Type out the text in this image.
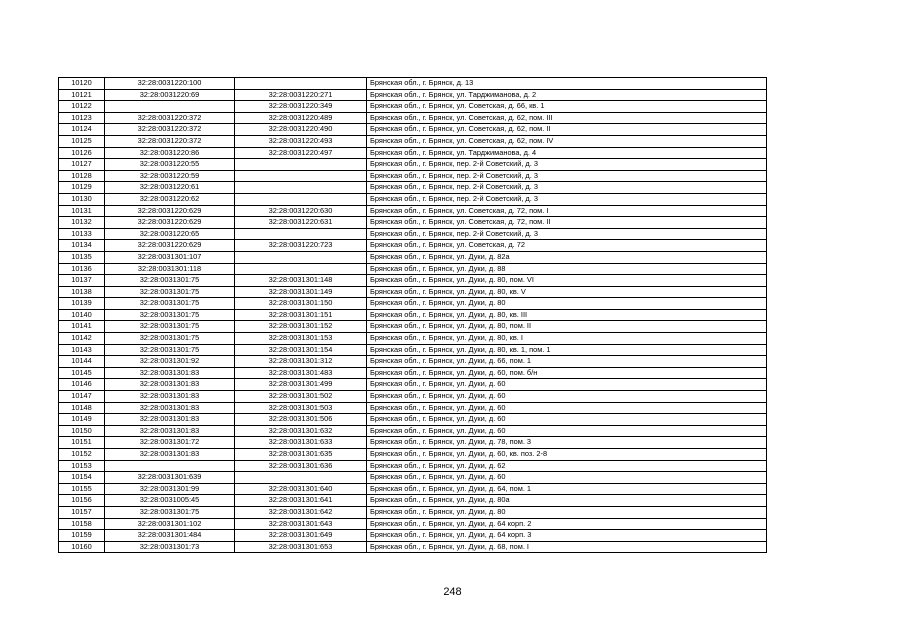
10120	32:28:0031220:100		Брянская обл., г. Брянск, д. 13
10121	32:28:0031220:69	32:28:0031220:271	Брянская обл., г. Брянск, ул. Тарджиманова, д. 2
10122		32:28:0031220:349	Брянская обл., г. Брянск, ул. Советская, д. 66, кв. 1
10123	32:28:0031220:372	32:28:0031220:489	Брянская обл., г. Брянск, ул. Советская, д. 62, пом. III
10124	32:28:0031220:372	32:28:0031220:490	Брянская обл., г. Брянск, ул. Советская, д. 62, пом. II
10125	32:28:0031220:372	32:28:0031220:493	Брянская обл., г. Брянск, ул. Советская, д. 62, пом. IV
10126	32:28:0031220:86	32:28:0031220:497	Брянская обл., г. Брянск, ул. Тарджиманова, д. 4
10127	32:28:0031220:55		Брянская обл., г. Брянск, пер. 2-й Советский, д. 3
10128	32:28:0031220:59		Брянская обл., г. Брянск, пер. 2-й Советский, д. 3
10129	32:28:0031220:61		Брянская обл., г. Брянск, пер. 2-й Советский, д. 3
10130	32:28:0031220:62		Брянская обл., г. Брянск, пер. 2-й Советский, д. 3
10131	32:28:0031220:629	32:28:0031220:630	Брянская обл., г. Брянск, ул. Советская, д. 72, пом. I
10132	32:28:0031220:629	32:28:0031220:631	Брянская обл., г. Брянск, ул. Советская, д. 72, пом. II
10133	32:28:0031220:65		Брянская обл., г. Брянск, пер. 2-й Советский, д. 3
10134	32:28:0031220:629	32:28:0031220:723	Брянская обл., г. Брянск, ул. Советская, д. 72
10135	32:28:0031301:107		Брянская обл., г. Брянск, ул. Дуки, д. 82а
10136	32:28:0031301:118		Брянская обл., г. Брянск, ул. Дуки, д. 88
10137	32:28:0031301:75	32:28:0031301:148	Брянская обл., г. Брянск, ул. Дуки, д. 80, пом. VI
10138	32:28:0031301:75	32:28:0031301:149	Брянская обл., г. Брянск, ул. Дуки, д. 80, кв. V
10139	32:28:0031301:75	32:28:0031301:150	Брянская обл., г. Брянск, ул. Дуки, д. 80
10140	32:28:0031301:75	32:28:0031301:151	Брянская обл., г. Брянск, ул. Дуки, д. 80, кв. III
10141	32:28:0031301:75	32:28:0031301:152	Брянская обл., г. Брянск, ул. Дуки, д. 80, пом. II
10142	32:28:0031301:75	32:28:0031301:153	Брянская обл., г. Брянск, ул. Дуки, д. 80, кв. I
10143	32:28:0031301:75	32:28:0031301:154	Брянская обл., г. Брянск, ул. Дуки, д. 80, кв. 1, пом. 1
10144	32:28:0031301:92	32:28:0031301:312	Брянская обл., г. Брянск, ул. Дуки, д. 66, пом. 1
10145	32:28:0031301:83	32:28:0031301:483	Брянская обл., г. Брянск, ул. Дуки, д. 60, пом. б/н
10146	32:28:0031301:83	32:28:0031301:499	Брянская обл., г. Брянск, ул. Дуки, д. 60
10147	32:28:0031301:83	32:28:0031301:502	Брянская обл., г. Брянск, ул. Дуки, д. 60
10148	32:28:0031301:83	32:28:0031301:503	Брянская обл., г. Брянск, ул. Дуки, д. 60
10149	32:28:0031301:83	32:28:0031301:506	Брянская обл., г. Брянск, ул. Дуки, д. 60
10150	32:28:0031301:83	32:28:0031301:632	Брянская обл., г. Брянск, ул. Дуки, д. 60
10151	32:28:0031301:72	32:28:0031301:633	Брянская обл., г. Брянск, ул. Дуки, д. 78, пом. 3
10152	32:28:0031301:83	32:28:0031301:635	Брянская обл., г. Брянск, ул. Дуки, д. 60, кв. поз. 2-8
10153		32:28:0031301:636	Брянская обл., г. Брянск, ул. Дуки, д. 62
10154	32:28:0031301:639		Брянская обл., г. Брянск, ул. Дуки, д. 60
10155	32:28:0031301:99	32:28:0031301:640	Брянская обл., г. Брянск, ул. Дуки, д. 64, пом. 1
10156	32:28:0031005:45	32:28:0031301:641	Брянская обл., г. Брянск, ул. Дуки, д. 80а
10157	32:28:0031301:75	32:28:0031301:642	Брянская обл., г. Брянск, ул. Дуки, д. 80
10158	32:28:0031301:102	32:28:0031301:643	Брянская обл., г. Брянск, ул. Дуки, д. 64 корп. 2
10159	32:28:0031301:484	32:28:0031301:649	Брянская обл., г. Брянск, ул. Дуки, д. 64 корп. 3
10160	32:28:0031301:73	32:28:0031301:653	Брянская обл., г. Брянск, ул. Дуки, д. 68, пом. I
248
